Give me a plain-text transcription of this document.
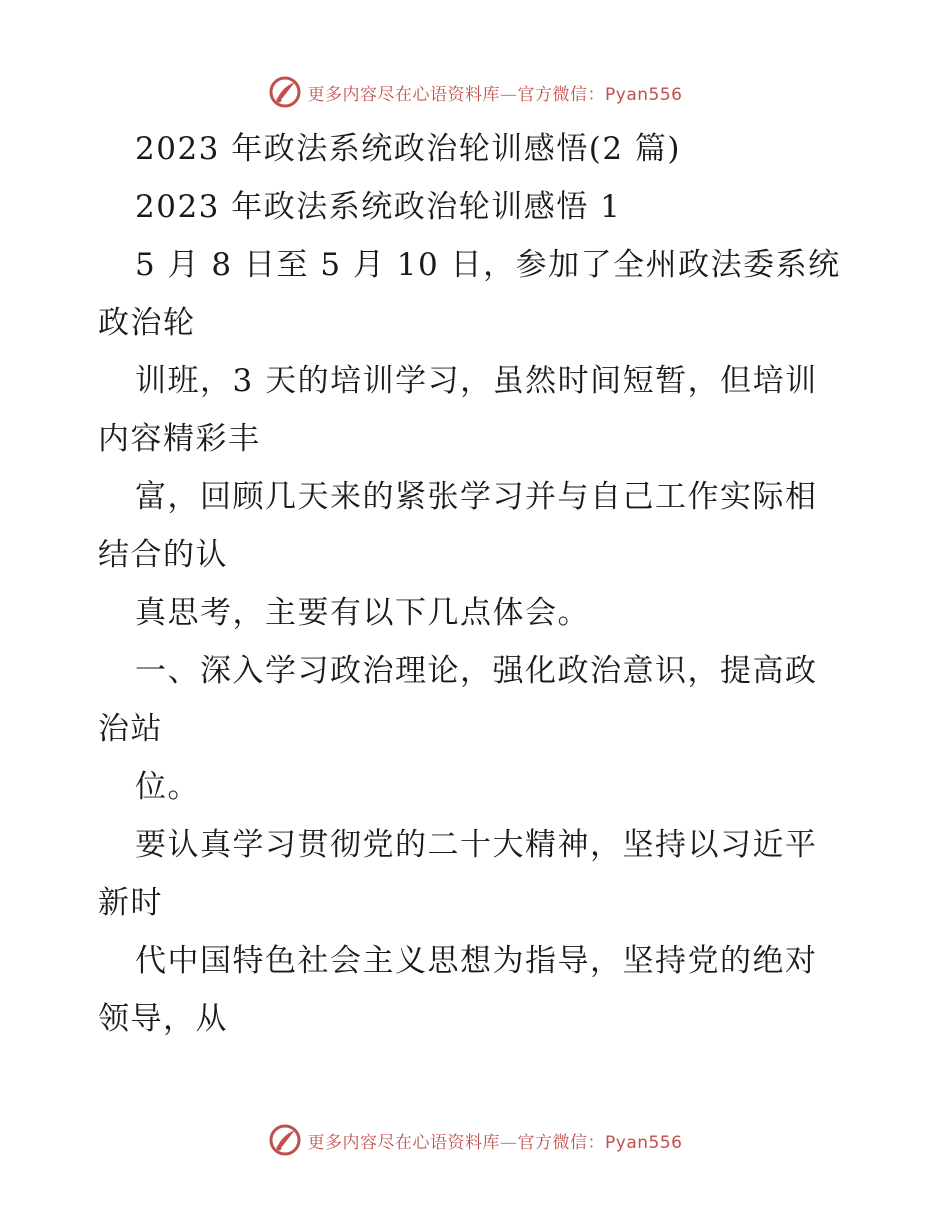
更多内容尽在心语资料库—官方微信：Pyan556
2023 年政法系统政治轮训感悟(2 篇)
2023 年政法系统政治轮训感悟 1
5 月 8 日至 5 月 10 日，参加了全州政法委系统
政治轮
训班，3 天的培训学习，虽然时间短暂，但培训
内容精彩丰
富，回顾几天来的紧张学习并与自己工作实际相
结合的认
真思考，主要有以下几点体会。
一、深入学习政治理论，强化政治意识，提高政
治站
位。
要认真学习贯彻党的二十大精神，坚持以习近平
新时
代中国特色社会主义思想为指导，坚持党的绝对
领导，从
更多内容尽在心语资料库—官方微信：Pyan556
